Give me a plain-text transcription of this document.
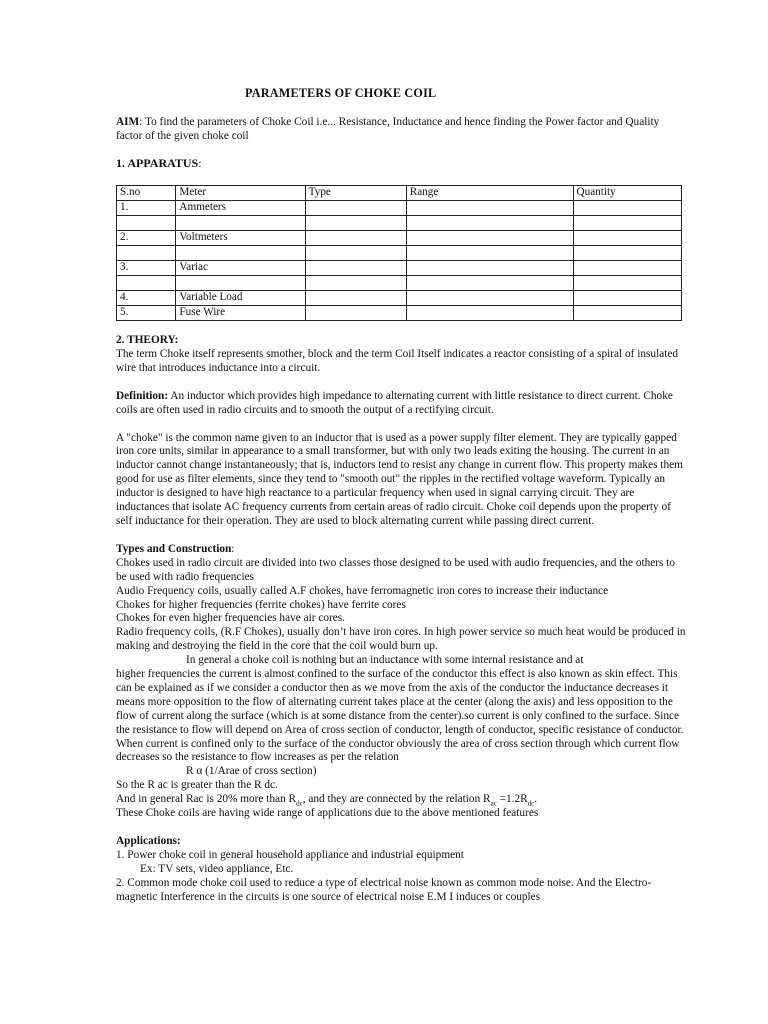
PARAMETERS OF CHOKE COIL
AIM: To find the parameters of Choke Coil i.e... Resistance, Inductance and hence finding the Power factor and Quality factor of the given choke coil
1. APPARATUS:
S.no	Meter	Type	Range	Quantity
1.	Ammeters			

2.	Voltmeters			

3.	Variac			

4.	Variable Load			
5.	Fuse Wire			

2. THEORY:

The term Choke itself represents smother, block and the term Coil Itself indicates a reactor consisting of a spiral of insulated wire that introduces inductance into a circuit.

Definition: An inductor which provides high impedance to alternating current with little resistance to direct current. Choke coils are often used in radio circuits and to smooth the output of a rectifying circuit.

A "choke" is the common name given to an inductor that is used as a power supply filter element. They are typically gapped iron core units, similar in appearance to a small transformer, but with only two leads exiting the housing. The current in an inductor cannot change instantaneously; that is, inductors tend to resist any change in current flow. This property makes them good for use as filter elements, since they tend to "smooth out" the ripples in the rectified voltage waveform. Typically an inductor is designed to have high reactance to a particular frequency when used in signal carrying circuit. They are inductances that isolate AC frequency currents from certain areas of radio circuit. Choke coil depends upon the property of self inductance for their operation. They are used to block alternating current while passing direct current.

Types and Construction:

Chokes used in radio circuit are divided into two classes those designed to be used with audio frequencies, and the others to be used with radio frequencies

Audio Frequency coils, usually called A.F chokes, have ferromagnetic iron cores to increase their inductance

Chokes for higher frequencies (ferrite chokes) have ferrite cores

Chokes for even higher frequencies have air cores.

Radio frequency coils, (R.F Chokes), usually don’t have iron cores. In high power service so much heat would be produced in making and destroying the field in the core that the coil would burn up.

In general a choke coil is nothing but an inductance with some internal resistance and at

higher frequencies the current is almost confined to the surface of the conductor this effect is also known as skin effect. This can be explained as if we consider a conductor then as we move from the axis of the conductor the inductance decreases it means more opposition to the flow of alternating current takes place at the center (along the axis) and less opposition to the flow of current along the surface (which is at some distance from the center).so current is only confined to the surface. Since the resistance to flow will depend on Area of cross section of conductor, length of conductor, specific resistance of conductor. When current is confined only to the surface of the conductor obviously the area of cross section through which current flow decreases so the resistance to flow increases as per the relation

R α (1/Arae of cross section)

So the R ac is greater than the R dc.

And in general Rac is 20% more than $R_{dc}$, and they are connected by the relation $R_{ac} =1.2R_{dc}$.

These Choke coils are having wide range of applications due to the above mentioned features

Applications:

1. Power choke coil in general household appliance and industrial equipment

Ex: TV sets, video appliance, Etc.

2. Common mode choke coil used to reduce a type of electrical noise known as common mode noise. And the Electro-magnetic Interference in the circuits is one source of electrical noise E.M I induces or couples
